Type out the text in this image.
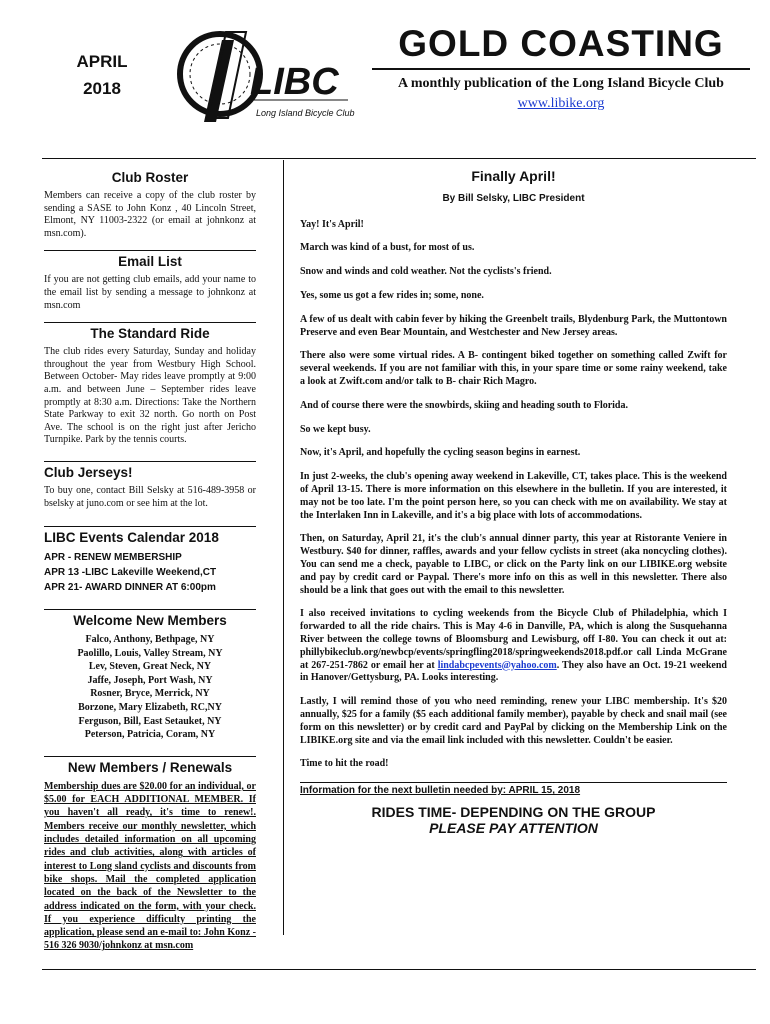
APRIL
2018	LIBC
Long Island Bicycle Club
GOLD COASTING
A monthly publication of the Long Island Bicycle Club
www.libike.org
Club Roster

Members can receive a copy of the club roster by sending a SASE to John Konz , 40 Lincoln Street, Elmont, NY 11003-2322 (or email at johnkonz at msn.com).

Email List

If you are not getting club emails, add your name to the email list by sending a message to johnkonz at msn.com

The Standard Ride

The club rides every Saturday, Sunday and holiday throughout the year from Westbury High School. Between October- May rides leave promptly at 9:00 a.m. and between June – September rides leave promptly at 8:30 a.m. Directions: Take the Northern State Parkway to exit 32 north. Go north on Post Ave. The school is on the right just after Jericho Turnpike. Park by the tennis courts.

Club Jerseys!

To buy one, contact Bill Selsky at 516-489-3958 or bselsky at juno.com or see him at the lot.

LIBC Events Calendar 2018
APR - RENEW MEMBERSHIP
APR 13 -LIBC Lakeville Weekend,CT
APR 21- AWARD DINNER AT 6:00pm
Welcome New Members
Falco, Anthony, Bethpage, NY
Paolillo, Louis, Valley Stream, NY
Lev, Steven, Great Neck, NY
Jaffe, Joseph, Port Wash, NY
Rosner, Bryce, Merrick, NY
Borzone, Mary Elizabeth, RC,NY
Ferguson, Bill, East Setauket, NY
Peterson, Patricia, Coram, NY
New Members / Renewals

Membership dues are $20.00 for an individual, or $5.00 for EACH ADDITIONAL MEMBER. If you haven't all ready, it's time to renew!. Members receive our monthly newsletter, which includes detailed information on all upcoming rides and club activities, along with articles of interest to Long sland cyclists and discounts from bike shops. Mail the completed application located on the back of the Newsletter to the address indicated on the form, with your check. If you experience difficulty printing the application, please send an e-mail to: John Konz - 516 326 9030/johnkonz at msn.com

Finally April!
By Bill Selsky, LIBC President

Yay! It's April!

March was kind of a bust, for most of us.

Snow and winds and cold weather. Not the cyclists's friend.

Yes, some us got a few rides in; some, none.

A few of us dealt with cabin fever by hiking the Greenbelt trails, Blydenburg Park, the Muttontown Preserve and even Bear Mountain, and Westchester and New Jersey areas.

There also were some virtual rides. A B- contingent biked together on something called Zwift for several weekends. If you are not familiar with this, in your spare time or some rainy weekend, take a look at Zwift.com and/or talk to B- chair Rich Magro.

And of course there were the snowbirds, skiing and heading south to Florida.

So we kept busy.

Now, it's April, and hopefully the cycling season begins in earnest.

In just 2-weeks, the club's opening away weekend in Lakeville, CT, takes place. This is the weekend of April 13-15. There is more information on this elsewhere in the bulletin. If you are interested, it may not be too late. I'm the point person here, so you can check with me on availability. We stay at the Interlaken Inn in Lakeville, and it's a big place with lots of accommodations.

Then, on Saturday, April 21, it's the club's annual dinner party, this year at Ristorante Veniere in Westbury. $40 for dinner, raffles, awards and your fellow cyclists in street (aka noncycling clothes). You can send me a check, payable to LIBC, or click on the Party link on our LIBIKE.org website and pay by credit card or Paypal. There's more info on this as well in this newsletter. There also should be a link that goes out with the email to this newsletter.

I also received invitations to cycling weekends from the Bicycle Club of Philadelphia, which I forwarded to all the ride chairs. This is May 4-6 in Danville, PA, which is along the Susquehanna River between the college towns of Bloomsburg and Lewisburg, off I-80. You can check it out at: phillybikeclub.org/newbcp/events/springfling2018/springweekends2018.pdf.or call Linda McGrane at 267-251-7862 or email her at lindabcpevents@yahoo.com. They also have an Oct. 19-21 weekend in Hanover/Gettysburg, PA. Looks interesting.

Lastly, I will remind those of you who need reminding, renew your LIBC membership. It's $20 annually, $25 for a family ($5 each additional family member), payable by check and snail mail (see form on this newsletter) or by credit card and PayPal by clicking on the Membership Link on the LIBIKE.org site and via the email link included with this newsletter. Couldn't be easier.

Time to hit the road!

Information for the next bulletin needed by: APRIL 15, 2018
RIDES TIME- DEPENDING ON THE GROUP
PLEASE PAY ATTENTION
